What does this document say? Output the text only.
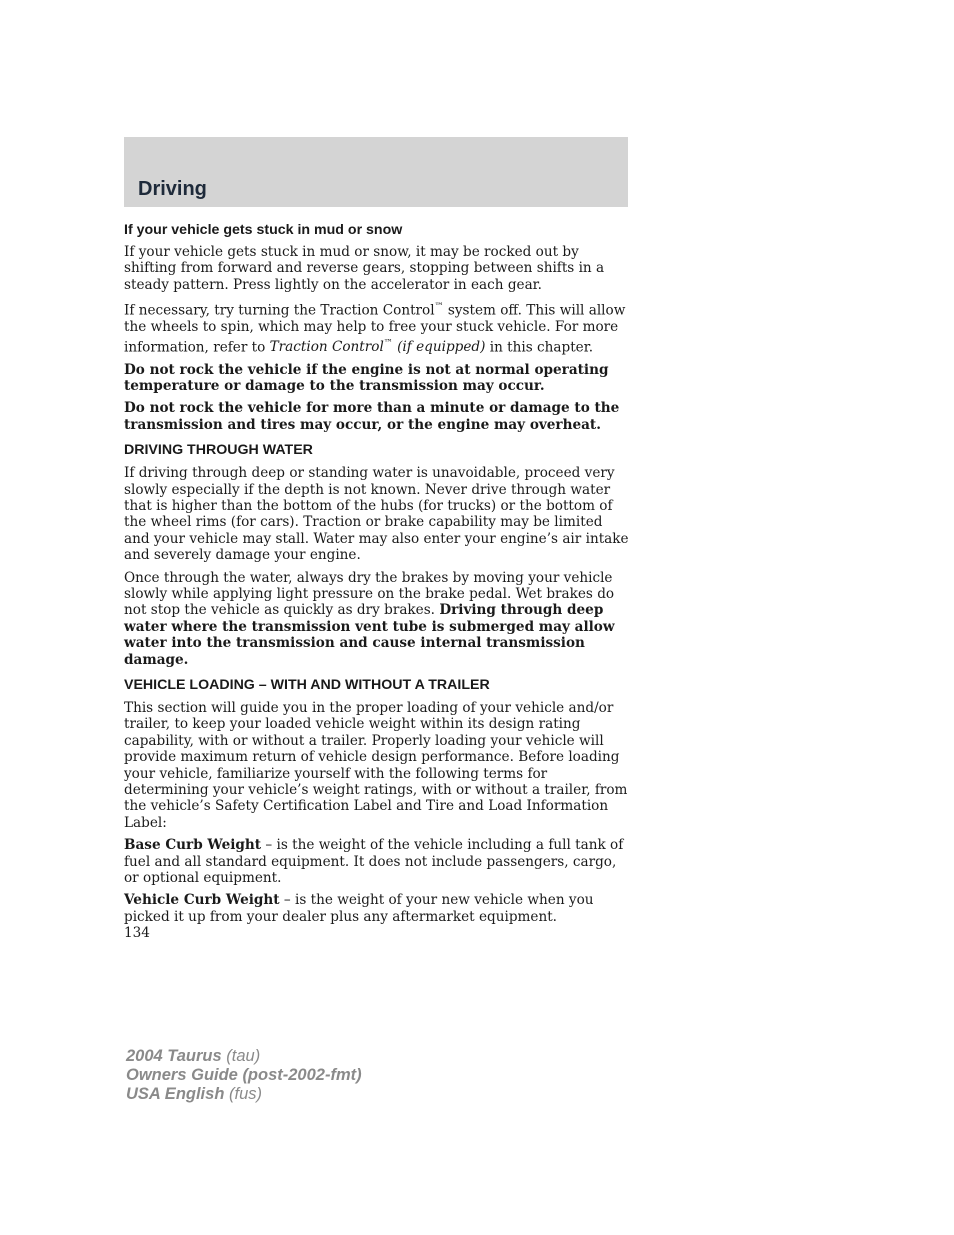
Driving
If your vehicle gets stuck in mud or snow

If your vehicle gets stuck in mud or snow, it may be rocked out by shifting from forward and reverse gears, stopping between shifts in a steady pattern. Press lightly on the accelerator in each gear.

If necessary, try turning the Traction Control™ system off. This will allow the wheels to spin, which may help to free your stuck vehicle. For more information, refer to Traction Control™ (if equipped) in this chapter.

Do not rock the vehicle if the engine is not at normal operating temperature or damage to the transmission may occur.

Do not rock the vehicle for more than a minute or damage to the transmission and tires may occur, or the engine may overheat.

DRIVING THROUGH WATER

If driving through deep or standing water is unavoidable, proceed very slowly especially if the depth is not known. Never drive through water that is higher than the bottom of the hubs (for trucks) or the bottom of the wheel rims (for cars). Traction or brake capability may be limited and your vehicle may stall. Water may also enter your engine’s air intake and severely damage your engine.

Once through the water, always dry the brakes by moving your vehicle slowly while applying light pressure on the brake pedal. Wet brakes do not stop the vehicle as quickly as dry brakes. Driving through deep water where the transmission vent tube is submerged may allow water into the transmission and cause internal transmission damage.

VEHICLE LOADING – WITH AND WITHOUT A TRAILER

This section will guide you in the proper loading of your vehicle and/or trailer, to keep your loaded vehicle weight within its design rating capability, with or without a trailer. Properly loading your vehicle will provide maximum return of vehicle design performance. Before loading your vehicle, familiarize yourself with the following terms for determining your vehicle’s weight ratings, with or without a trailer, from the vehicle’s Safety Certification Label and Tire and Load Information Label:

Base Curb Weight – is the weight of the vehicle including a full tank of fuel and all standard equipment. It does not include passengers, cargo, or optional equipment.

Vehicle Curb Weight – is the weight of your new vehicle when you picked it up from your dealer plus any aftermarket equipment.

134
2004 Taurus (tau)
Owners Guide (post-2002-fmt)
USA English (fus)
